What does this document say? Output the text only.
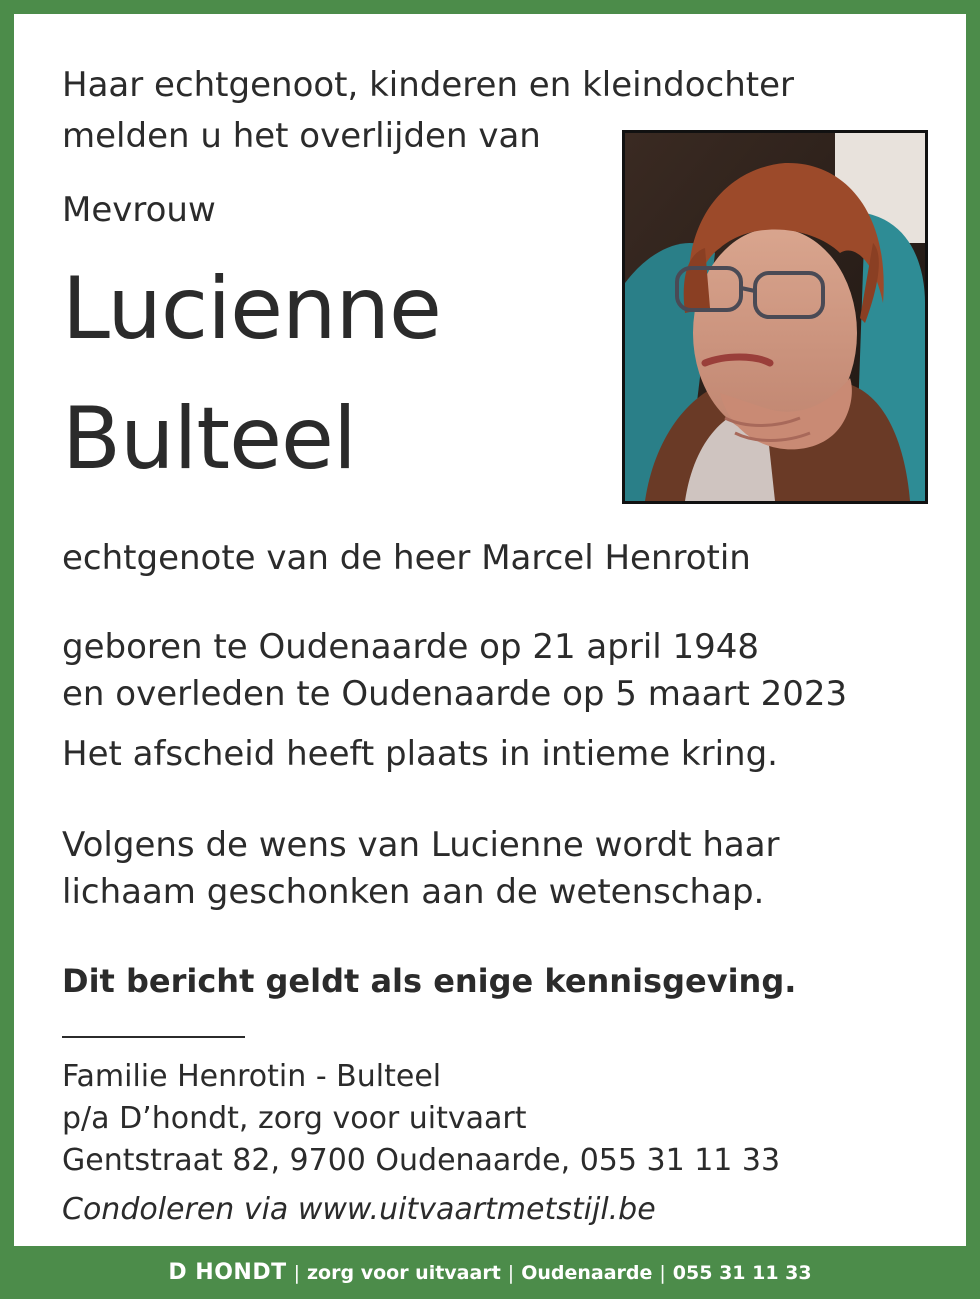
Haar echtgenoot, kinderen en kleindochter
melden u het overlijden van
Mevrouw
Lucienne
Bulteel
echtgenote van de heer Marcel Henrotin
geboren te Oudenaarde op 21 april 1948
en overleden te Oudenaarde op 5 maart 2023
Het afscheid heeft plaats in intieme kring.
Volgens de wens van Lucienne wordt haar
lichaam geschonken aan de wetenschap.
Dit bericht geldt als enige kennisgeving.
Familie Henrotin - Bulteel
p/a D’hondt, zorg voor uitvaart
Gentstraat 82, 9700 Oudenaarde, 055 31 11 33
Condoleren via www.uitvaartmetstijl.be
D HONDT | zorg voor uitvaart | Oudenaarde | 055 31 11 33
